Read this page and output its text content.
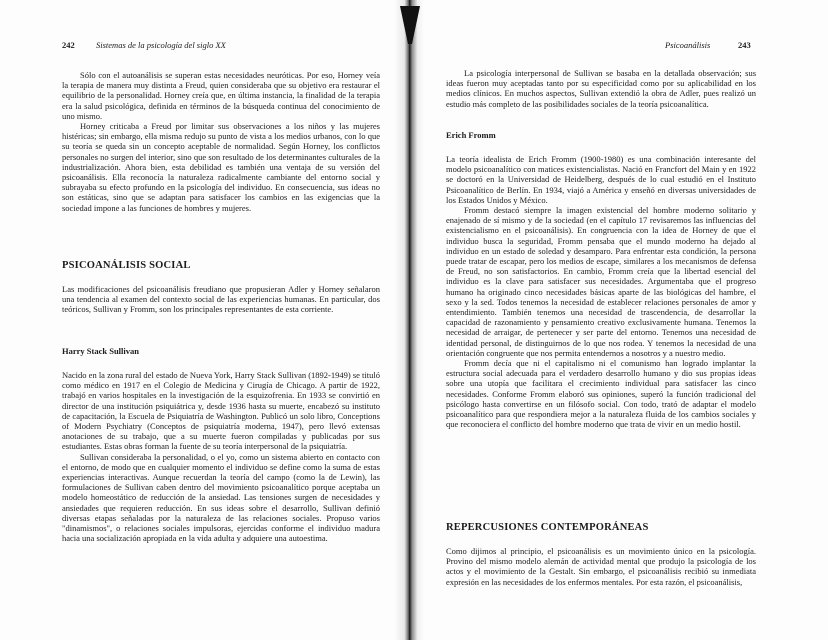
242	Sistemas de la psicología del siglo XX

Sólo con el autoanálisis se superan estas necesidades neuróticas. Por eso, Horney veía la terapia de manera muy distinta a Freud, quien consideraba que su objetivo era restaurar el equilibrio de la personalidad. Horney creía que, en última instancia, la finalidad de la terapia era la salud psicológica, definida en términos de la búsqueda continua del conocimiento de uno mismo.

Horney criticaba a Freud por limitar sus observaciones a los niños y las mujeres histéricas; sin embargo, ella misma redujo su punto de vista a los medios urbanos, con lo que su teoría se queda sin un concepto aceptable de normalidad. Según Horney, los conflictos personales no surgen del interior, sino que son resultado de los determinantes culturales de la industrialización. Ahora bien, esta debilidad es también una ventaja de su versión del psicoanálisis. Ella reconocía la naturaleza radicalmente cambiante del entorno social y subrayaba su efecto profundo en la psicología del individuo. En consecuencia, sus ideas no son estáticas, sino que se adaptan para satisfacer los cambios en las exigencias que la sociedad impone a las funciones de hombres y mujeres.

PSICOANÁLISIS SOCIAL

Las modificaciones del psicoanálisis freudiano que propusieran Adler y Horney señalaron una tendencia al examen del contexto social de las experiencias humanas. En particular, dos teóricos, Sullivan y Fromm, son los principales representantes de esta corriente.

Harry Stack Sullivan

Nacido en la zona rural del estado de Nueva York, Harry Stack Sullivan (1892-1949) se tituló como médico en 1917 en el Colegio de Medicina y Cirugía de Chicago. A partir de 1922, trabajó en varios hospitales en la investigación de la esquizofrenia. En 1933 se convirtió en director de una institución psiquiátrica y, desde 1936 hasta su muerte, encabezó su instituto de capacitación, la Escuela de Psiquiatría de Washington. Publicó un solo libro, Conceptions of Modern Psychiatry (Conceptos de psiquiatría moderna, 1947), pero llevó extensas anotaciones de su trabajo, que a su muerte fueron compiladas y publicadas por sus estudiantes. Estas obras forman la fuente de su teoría interpersonal de la psiquiatría.

Sullivan consideraba la personalidad, o el yo, como un sistema abierto en contacto con el entorno, de modo que en cualquier momento el individuo se define como la suma de estas experiencias interactivas. Aunque recuerdan la teoría del campo (como la de Lewin), las formulaciones de Sullivan caben dentro del movimiento psicoanalítico porque aceptaba un modelo homeostático de reducción de la ansiedad. Las tensiones surgen de necesidades y ansiedades que requieren reducción. En sus ideas sobre el desarrollo, Sullivan definió diversas etapas señaladas por la naturaleza de las relaciones sociales. Propuso varios "dinamismos", o relaciones sociales impulsoras, ejercidas conforme el individuo madura hacia una socialización apropiada en la vida adulta y adquiere una autoestima.

Psicoanálisis	243

La psicología interpersonal de Sullivan se basaba en la detallada observación; sus ideas fueron muy aceptadas tanto por su especificidad como por su aplicabilidad en los medios clínicos. En muchos aspectos, Sullivan extendió la obra de Adler, pues realizó un estudio más completo de las posibilidades sociales de la teoría psicoanalítica.

Erich Fromm

La teoría idealista de Erich Fromm (1900-1980) es una combinación interesante del modelo psicoanalítico con matices existencialistas. Nació en Francfort del Main y en 1922 se doctoró en la Universidad de Heidelberg, después de lo cual estudió en el Instituto Psicoanalítico de Berlín. En 1934, viajó a América y enseñó en diversas universidades de los Estados Unidos y México.

Fromm destacó siempre la imagen existencial del hombre moderno solitario y enajenado de sí mismo y de la sociedad (en el capítulo 17 revisaremos las influencias del existencialismo en el psicoanálisis). En congruencia con la idea de Horney de que el individuo busca la seguridad, Fromm pensaba que el mundo moderno ha dejado al individuo en un estado de soledad y desamparo. Para enfrentar esta condición, la persona puede tratar de escapar, pero los medios de escape, similares a los mecanismos de defensa de Freud, no son satisfactorios. En cambio, Fromm creía que la libertad esencial del individuo es la clave para satisfacer sus necesidades. Argumentaba que el progreso humano ha originado cinco necesidades básicas aparte de las biológicas del hambre, el sexo y la sed. Todos tenemos la necesidad de establecer relaciones personales de amor y entendimiento. También tenemos una necesidad de trascendencia, de desarrollar la capacidad de razonamiento y pensamiento creativo exclusivamente humana. Tenemos la necesidad de arraigar, de pertenecer y ser parte del entorno. Tenemos una necesidad de identidad personal, de distinguirnos de lo que nos rodea. Y tenemos la necesidad de una orientación congruente que nos permita entendernos a nosotros y a nuestro medio.

Fromm decía que ni el capitalismo ni el comunismo han logrado implantar la estructura social adecuada para el verdadero desarrollo humano y dio sus propias ideas sobre una utopía que facilitara el crecimiento individual para satisfacer las cinco necesidades. Conforme Fromm elaboró sus opiniones, superó la función tradicional del psicólogo hasta convertirse en un filósofo social. Con todo, trató de adaptar el modelo psicoanalítico para que respondiera mejor a la naturaleza fluida de los cambios sociales y que reconociera el conflicto del hombre moderno que trata de vivir en un medio hostil.

REPERCUSIONES CONTEMPORÁNEAS

Como dijimos al principio, el psicoanálisis es un movimiento único en la psicología. Provino del mismo modelo alemán de actividad mental que produjo la psicología de los actos y el movimiento de la Gestalt. Sin embargo, el psicoanálisis recibió su inmediata expresión en las necesidades de los enfermos mentales. Por esta razón, el psicoanálisis,
